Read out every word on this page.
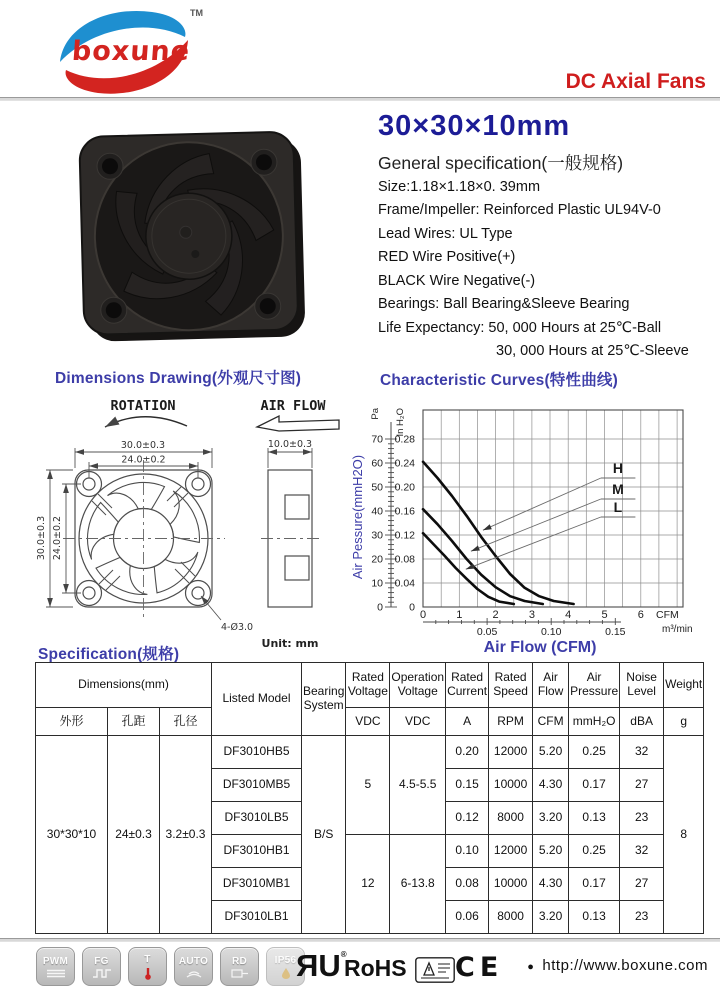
boxune
TM
DC Axial Fans
30×30×10mm
General specification(一般规格)
Size:1.18×1.18×0. 39mm
Frame/Impeller: Reinforced Plastic UL94V-0
Lead Wires: UL Type
RED Wire Positive(+)
BLACK Wire Negative(-)
Bearings: Ball Bearing&Sleeve Bearing
Life Expectancy: 50, 000 Hours at 25℃-Ball
30, 000 Hours at 25℃-Sleeve
Dimensions Drawing(外观尺寸图)
ROTATION	AIR FLOW
30.0±0.3
24.0±0.2
30.0±0.3 24.0±0.2
4-Ø3.0
10.0±0.3
Unit: mm
Characteristic Curves(特性曲线)
0
10
20
30
40
50
60
70
0
0.04
0.08
0.12
0.16
0.20
0.24
0.28
Pa In H₂O
0	1	2	3	4	5	6 CFM
0.05	0.10	0.15	m³/min
H
M
L
Air Pessure(mmH2O)
Air Flow (CFM)
Specification(规格)
Dimensions(mm)			Listed Model	Bearing System	Rated Voltage	Operation Voltage	Rated Current	Rated Speed	Air Flow	Air Pressure	Noise Level	Weight
外形	孔距	孔径			VDC	VDC	A	RPM	CFM	mmH₂O	dBA	g
30*30*10	24±0.3	3.2±0.3	DF3010HB5	B/S	5	4.5-5.5	0.20	12000	5.20	0.25	32	8
			DF3010MB5				0.15	10000	4.30	0.17	27	
			DF3010LB5				0.12	8000	3.20	0.13	23	
			DF3010HB1		12	6-13.8	0.10	12000	5.20	0.25	32	
			DF3010MB1				0.08	10000	4.30	0.17	27	
			DF3010LB1				0.06	8000	3.20	0.13	23	
PWM	FG	T	AUTO RD	IP56 R U ®
RoHS CE ● http://www.boxune.com
